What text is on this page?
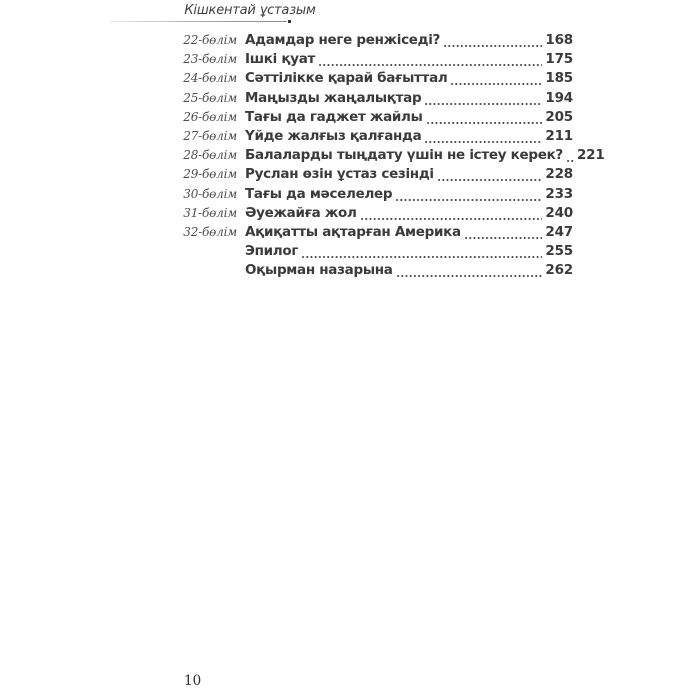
Кішкентай ұстазым
22-бөлім Адамдар неге ренжіседі?	168
23-бөлім Ішкі қуат	175
24-бөлім Сәттілікке қарай бағыттал	185
25-бөлім Маңызды жаңалықтар	194
26-бөлім Тағы да гаджет жайлы	205
27-бөлім Үйде жалғыз қалғанда	211
28-бөлім Балаларды тыңдату үшін не істеу керек? 221
29-бөлім Руслан өзін ұстаз сезінді	228
30-бөлім Тағы да мәселелер	233
31-бөлім Әуежайға жол	240
32-бөлім Ақиқатты ақтарған Америка	247
Эпилог	255
Оқырман назарына	262
10
